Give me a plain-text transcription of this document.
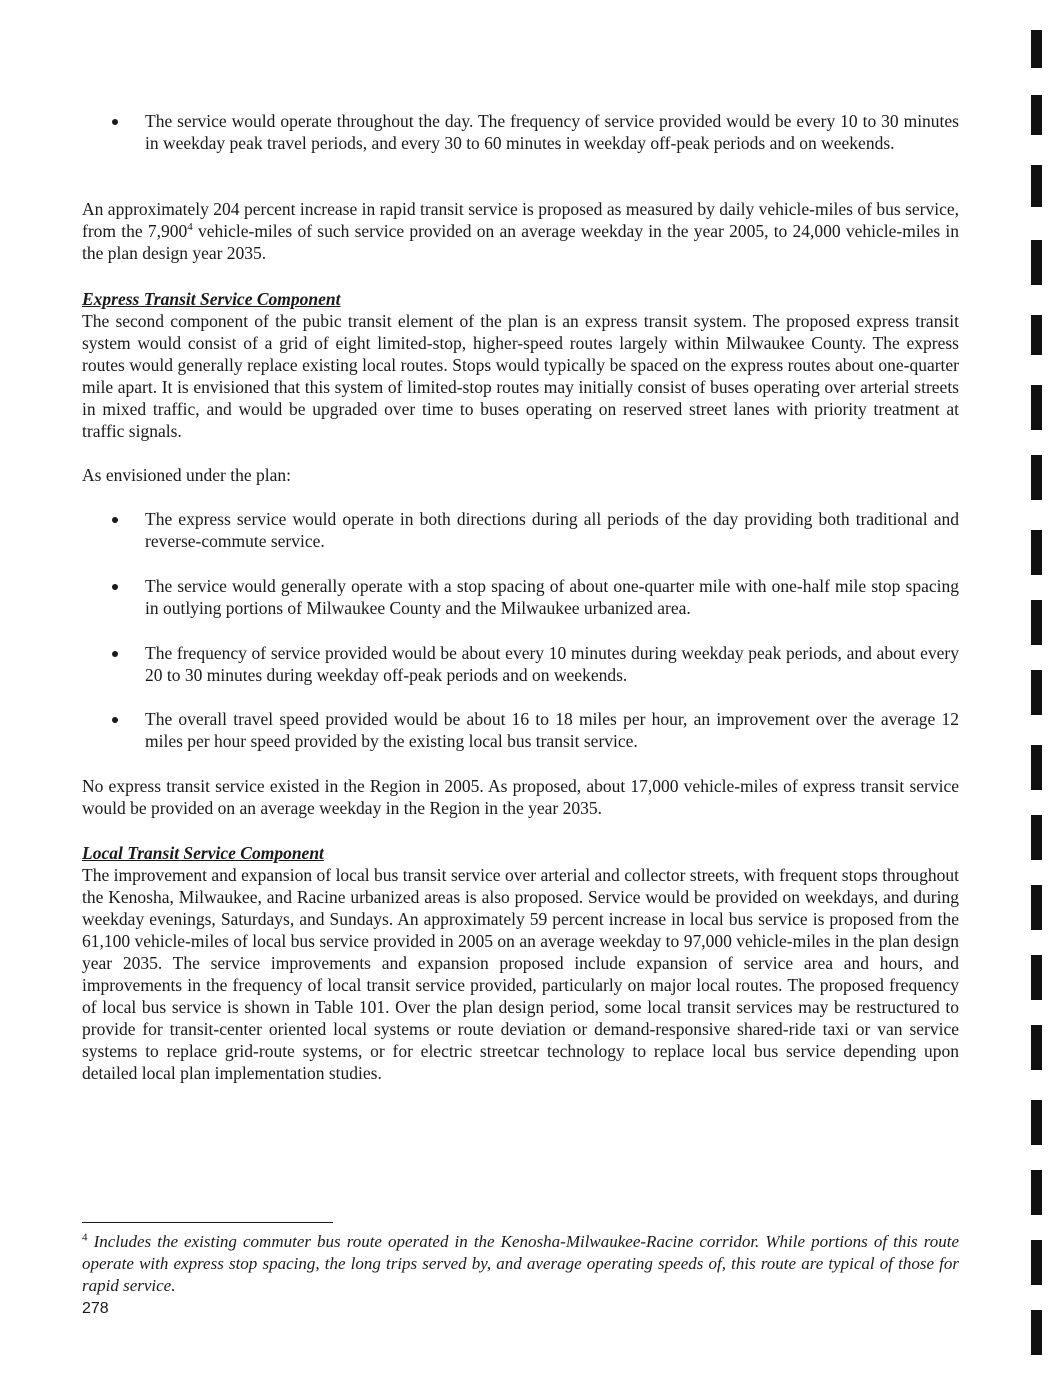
The service would operate throughout the day. The frequency of service provided would be every 10 to 30 minutes in weekday peak travel periods, and every 30 to 60 minutes in weekday off-peak periods and on weekends.

An approximately 204 percent increase in rapid transit service is proposed as measured by daily vehicle-miles of bus service, from the 7,900$^4$ vehicle-miles of such service provided on an average weekday in the year 2005, to 24,000 vehicle-miles in the plan design year 2035.

Express Transit Service Component

The second component of the pubic transit element of the plan is an express transit system. The proposed express transit system would consist of a grid of eight limited-stop, higher-speed routes largely within Milwaukee County. The express routes would generally replace existing local routes. Stops would typically be spaced on the express routes about one-quarter mile apart. It is envisioned that this system of limited-stop routes may initially consist of buses operating over arterial streets in mixed traffic, and would be upgraded over time to buses operating on reserved street lanes with priority treatment at traffic signals.

As envisioned under the plan:

The express service would operate in both directions during all periods of the day providing both traditional and reverse-commute service.

The service would generally operate with a stop spacing of about one-quarter mile with one-half mile stop spacing in outlying portions of Milwaukee County and the Milwaukee urbanized area.

The frequency of service provided would be about every 10 minutes during weekday peak periods, and about every 20 to 30 minutes during weekday off-peak periods and on weekends.

The overall travel speed provided would be about 16 to 18 miles per hour, an improvement over the average 12 miles per hour speed provided by the existing local bus transit service.

No express transit service existed in the Region in 2005. As proposed, about 17,000 vehicle-miles of express transit service would be provided on an average weekday in the Region in the year 2035.

Local Transit Service Component

The improvement and expansion of local bus transit service over arterial and collector streets, with frequent stops throughout the Kenosha, Milwaukee, and Racine urbanized areas is also proposed. Service would be provided on weekdays, and during weekday evenings, Saturdays, and Sundays. An approximately 59 percent increase in local bus service is proposed from the 61,100 vehicle-miles of local bus service provided in 2005 on an average weekday to 97,000 vehicle-miles in the plan design year 2035. The service improvements and expansion proposed include expansion of service area and hours, and improvements in the frequency of local transit service provided, particularly on major local routes. The proposed frequency of local bus service is shown in Table 101. Over the plan design period, some local transit services may be restructured to provide for transit-center oriented local systems or route deviation or demand-responsive shared-ride taxi or van service systems to replace grid-route systems, or for electric streetcar technology to replace local bus service depending upon detailed local plan implementation studies.

$^4$ Includes the existing commuter bus route operated in the Kenosha-Milwaukee-Racine corridor. While portions of this route operate with express stop spacing, the long trips served by, and average operating speeds of, this route are typical of those for rapid service.

278
